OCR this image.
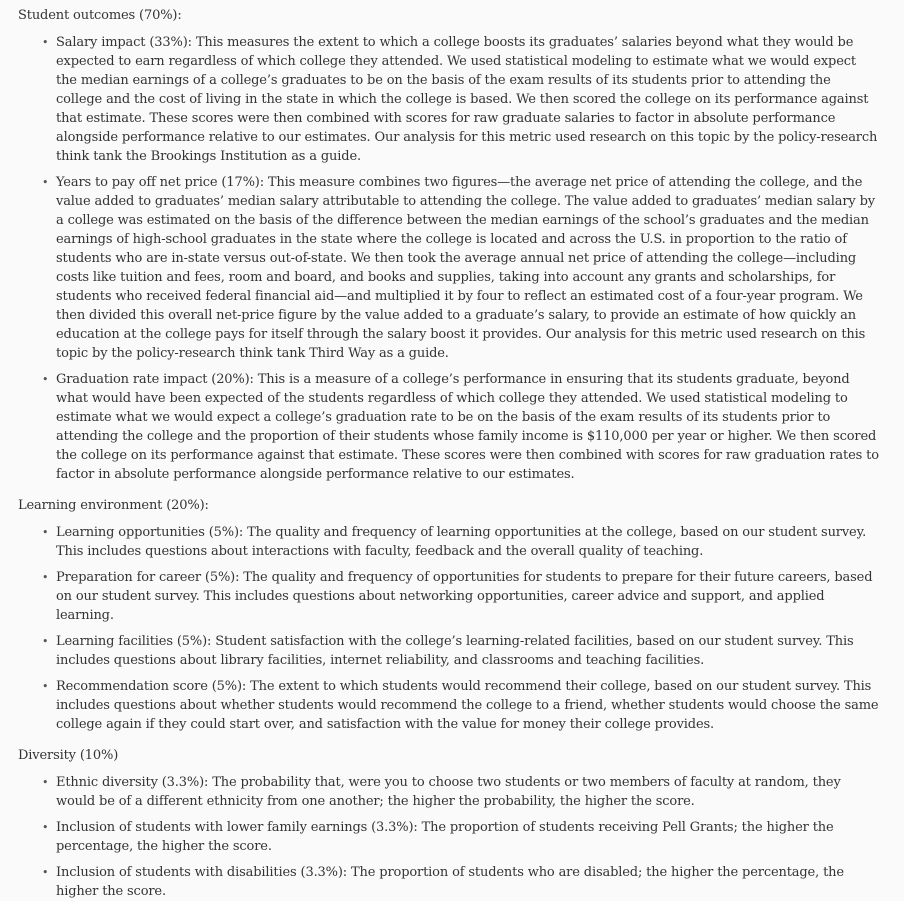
Student outcomes (70%):

• Salary impact (33%): This measures the extent to which a college boosts its graduates’ salaries beyond what they would be expected to earn regardless of which college they attended. We used statistical modeling to estimate what we would expect the median earnings of a college’s graduates to be on the basis of the exam results of its students prior to attending the college and the cost of living in the state in which the college is based. We then scored the college on its performance against that estimate. These scores were then combined with scores for raw graduate salaries to factor in absolute performance alongside performance relative to our estimates. Our analysis for this metric used research on this topic by the policy-research think tank the Brookings Institution as a guide.
• Years to pay off net price (17%): This measure combines two figures—the average net price of attending the college, and the value added to graduates’ median salary attributable to attending the college. The value added to graduates’ median salary by a college was estimated on the basis of the difference between the median earnings of the school’s graduates and the median earnings of high-school graduates in the state where the college is located and across the U.S. in proportion to the ratio of students who are in-state versus out-of-state. We then took the average annual net price of attending the college—including costs like tuition and fees, room and board, and books and supplies, taking into account any grants and scholarships, for students who received federal financial aid—and multiplied it by four to reflect an estimated cost of a four-year program. We then divided this overall net-price figure by the value added to a graduate’s salary, to provide an estimate of how quickly an education at the college pays for itself through the salary boost it provides. Our analysis for this metric used research on this topic by the policy-research think tank Third Way as a guide.
• Graduation rate impact (20%): This is a measure of a college’s performance in ensuring that its students graduate, beyond what would have been expected of the students regardless of which college they attended. We used statistical modeling to estimate what we would expect a college’s graduation rate to be on the basis of the exam results of its students prior to attending the college and the proportion of their students whose family income is $110,000 per year or higher. We then scored the college on its performance against that estimate. These scores were then combined with scores for raw graduation rates to factor in absolute performance alongside performance relative to our estimates.

Learning environment (20%):

• Learning opportunities (5%): The quality and frequency of learning opportunities at the college, based on our student survey. This includes questions about interactions with faculty, feedback and the overall quality of teaching.
• Preparation for career (5%): The quality and frequency of opportunities for students to prepare for their future careers, based on our student survey. This includes questions about networking opportunities, career advice and support, and applied learning.
• Learning facilities (5%): Student satisfaction with the college’s learning-related facilities, based on our student survey. This includes questions about library facilities, internet reliability, and classrooms and teaching facilities.
• Recommendation score (5%): The extent to which students would recommend their college, based on our student survey. This includes questions about whether students would recommend the college to a friend, whether students would choose the same college again if they could start over, and satisfaction with the value for money their college provides.

Diversity (10%)

• Ethnic diversity (3.3%): The probability that, were you to choose two students or two members of faculty at random, they would be of a different ethnicity from one another; the higher the probability, the higher the score.
• Inclusion of students with lower family earnings (3.3%): The proportion of students receiving Pell Grants; the higher the percentage, the higher the score.
• Inclusion of students with disabilities (3.3%): The proportion of students who are disabled; the higher the percentage, the higher the score.
